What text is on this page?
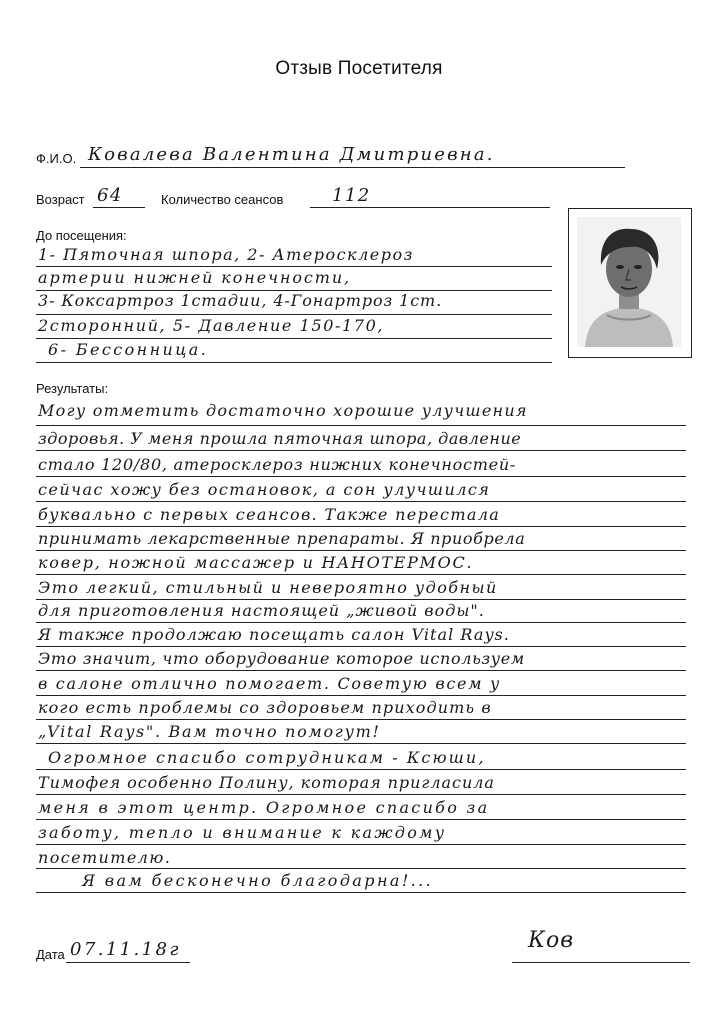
Отзыв Посетителя
Ф.И.О. Ковалева Валентина Дмитриевна.
Возраст 64	Количество сеансов	112
До посещения:
1- Пяточная шпора, 2- Атеросклероз
артерии нижней конечности,
3- Коксартроз 1стадии, 4-Гонартроз 1ст.
2сторонний, 5- Давление 150-170,
6- Бессонница.
Результаты:
Могу отметить достаточно хорошие улучшения
здоровья. У меня прошла пяточная шпора, давление
стало 120/80, атеросклероз нижних конечностей-
сейчас хожу без остановок, а сон улучшился
буквально с первых сеансов. Также перестала
принимать лекарственные препараты. Я приобрела
ковер, ножной массажер и НАНОТЕРМОС.
Это легкий, стильный и невероятно удобный
для приготовления настоящей „живой воды".
Я также продолжаю посещать салон Vital Rays.
Это значит, что оборудование которое используем
в салоне отлично помогает. Советую всем у
кого есть проблемы со здоровьем приходить в
„Vital Rays". Вам точно помогут!
Огромное спасибо сотрудникам - Ксюши,
Тимофея особенно Полину, которая пригласила
меня в этот центр. Огромное спасибо за
заботу, тепло и внимание к каждому
посетителю.
Я вам бесконечно благодарна!...
Дата 07.11.18г	Ков
